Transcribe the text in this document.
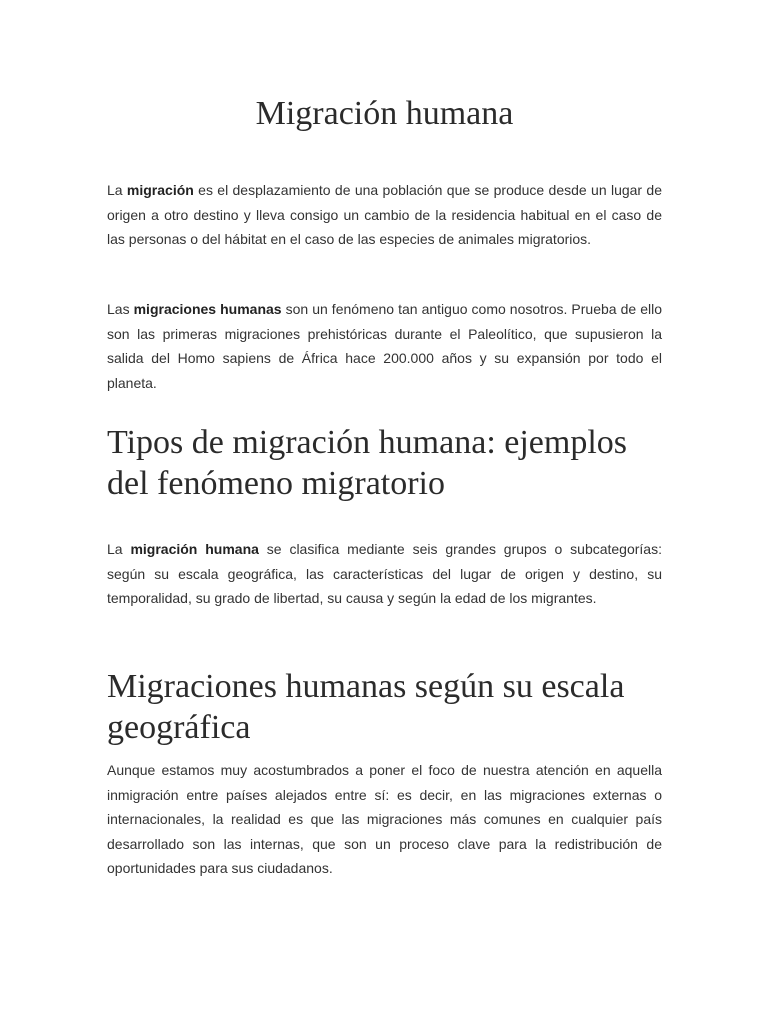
Migración humana

La migración es el desplazamiento de una población que se produce desde un lugar de origen a otro destino y lleva consigo un cambio de la residencia habitual en el caso de las personas o del hábitat en el caso de las especies de animales migratorios.

Las migraciones humanas son un fenómeno tan antiguo como nosotros. Prueba de ello son las primeras migraciones prehistóricas durante el Paleolítico, que supusieron la salida del Homo sapiens de África hace 200.000 años y su expansión por todo el planeta.

Tipos de migración humana: ejemplos del fenómeno migratorio

La migración humana se clasifica mediante seis grandes grupos o subcategorías: según su escala geográfica, las características del lugar de origen y destino, su temporalidad, su grado de libertad, su causa y según la edad de los migrantes.

Migraciones humanas según su escala geográfica

Aunque estamos muy acostumbrados a poner el foco de nuestra atención en aquella inmigración entre países alejados entre sí: es decir, en las migraciones externas o internacionales, la realidad es que las migraciones más comunes en cualquier país desarrollado son las internas, que son un proceso clave para la redistribución de oportunidades para sus ciudadanos.
